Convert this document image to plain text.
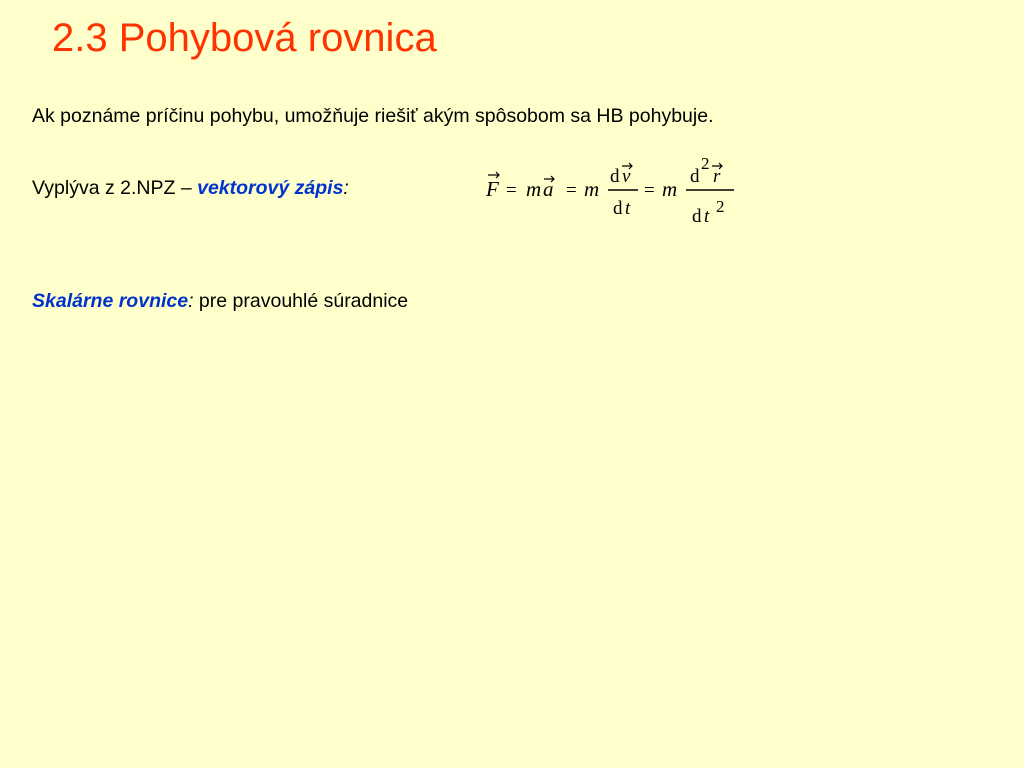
2.3 Pohybová rovnica
Ak poznáme príčinu pohybu, umožňuje riešiť akým spôsobom sa HB pohybuje.
Vyplýva z 2.NPZ – vektorový zápis:	F = m a = m
d v
d t
= m
d
2
r
d t 2
Skalárne rovnice: pre pravouhlé súradnice
